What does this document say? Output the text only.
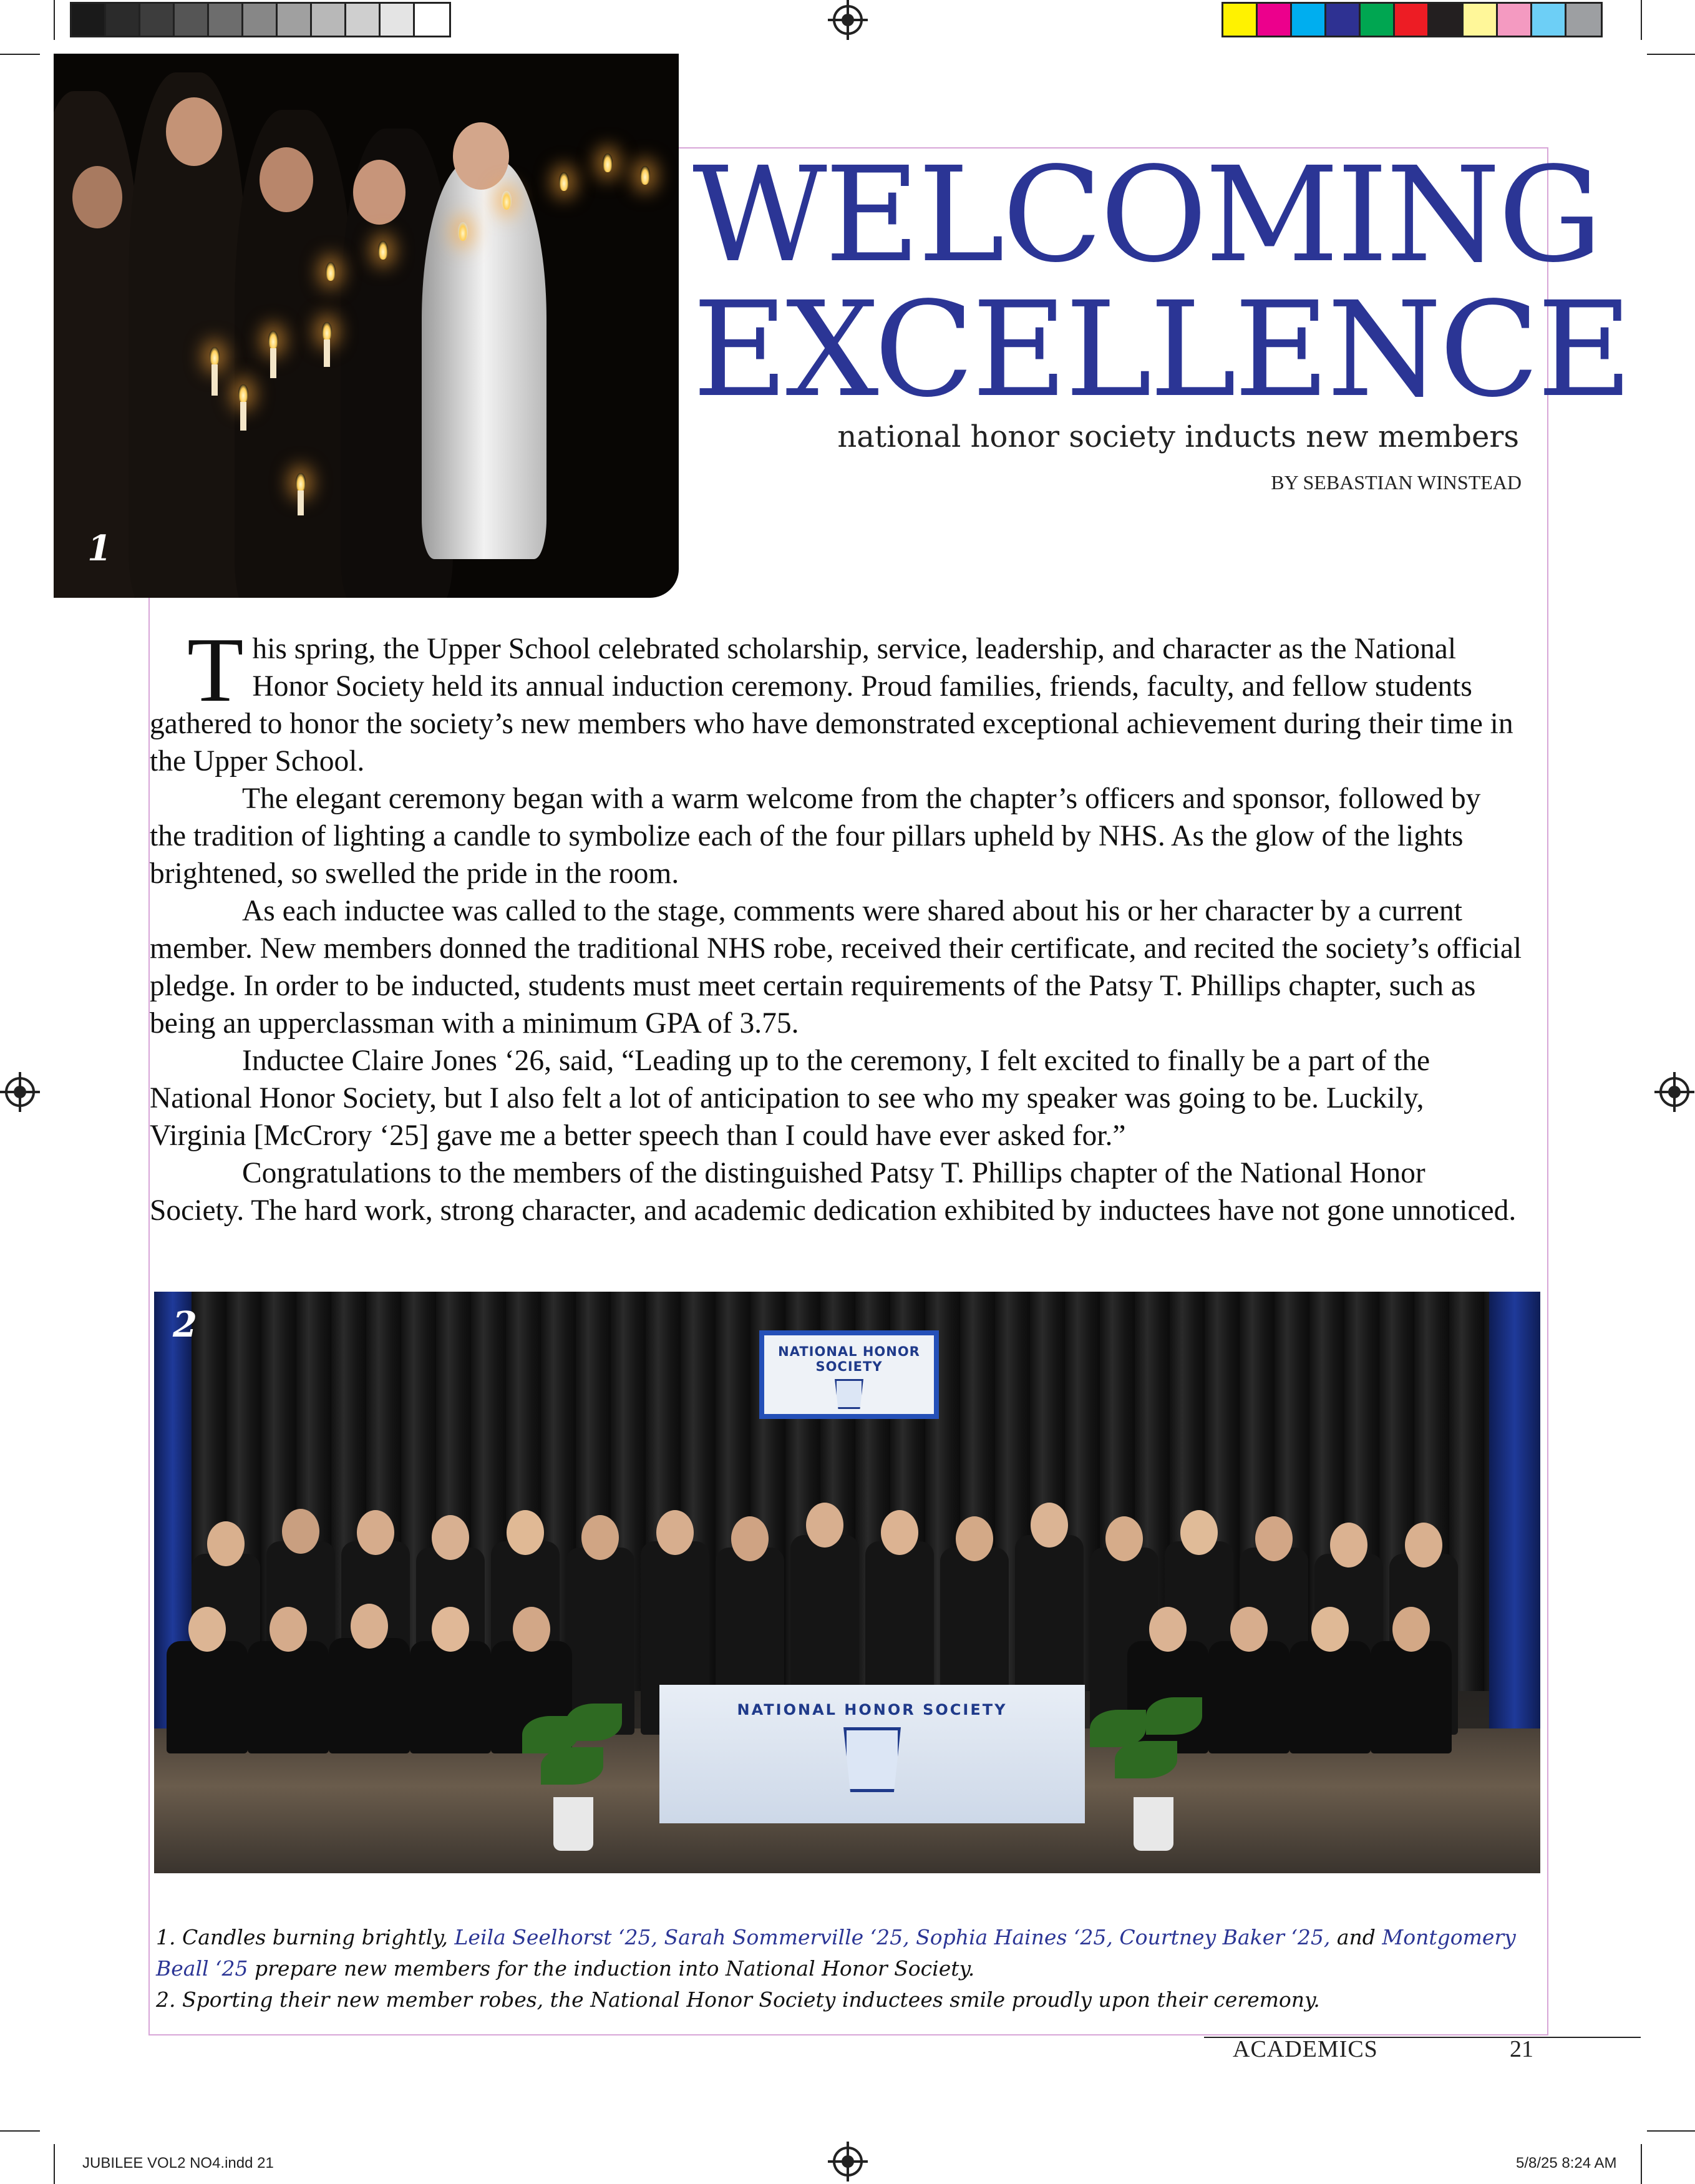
1
WELCOMING
EXCELLENCE
national honor society inducts new members
BY SEBASTIAN WINSTEAD

This spring, the Upper School celebrated scholarship, service, leadership, and character as the National Honor Society held its annual induction ceremony. Proud families, friends, faculty, and fellow students gathered to honor the society’s new members who have demonstrated exceptional achievement during their time in the Upper School.

The elegant ceremony began with a warm welcome from the chapter’s officers and sponsor, followed by the tradition of lighting a candle to symbolize each of the four pillars upheld by NHS. As the glow of the lights brightened, so swelled the pride in the room.

As each inductee was called to the stage, comments were shared about his or her character by a current member. New members donned the traditional NHS robe, received their certificate, and recited the society’s official pledge. In order to be inducted, students must meet certain requirements of the Patsy T. Phillips chapter, such as being an upperclassman with a minimum GPA of 3.75.

Inductee Claire Jones ‘26, said, “Leading up to the ceremony, I felt excited to finally be a part of the National Honor Society, but I also felt a lot of anticipation to see who my speaker was going to be. Luckily, Virginia [McCrory ‘25] gave me a better speech than I could have ever asked for.”

Congratulations to the members of the distinguished Patsy T. Phillips chapter of the National Honor Society. The hard work, strong character, and academic dedication exhibited by inductees have not gone unnoticed.

NATIONAL HONOR SOCIETY
NATIONAL HONOR SOCIETY
2
1. Candles burning brightly, Leila Seelhorst ‘25, Sarah Sommerville ‘25, Sophia Haines ‘25, Courtney Baker ‘25, and Montgomery Beall ‘25 prepare new members for the induction into National Honor Society.
2. Sporting their new member robes, the National Honor Society inductees smile proudly upon their ceremony.
ACADEMICS	21
JUBILEE VOL2 NO4.indd 21	5/8/25 8:24 AM
